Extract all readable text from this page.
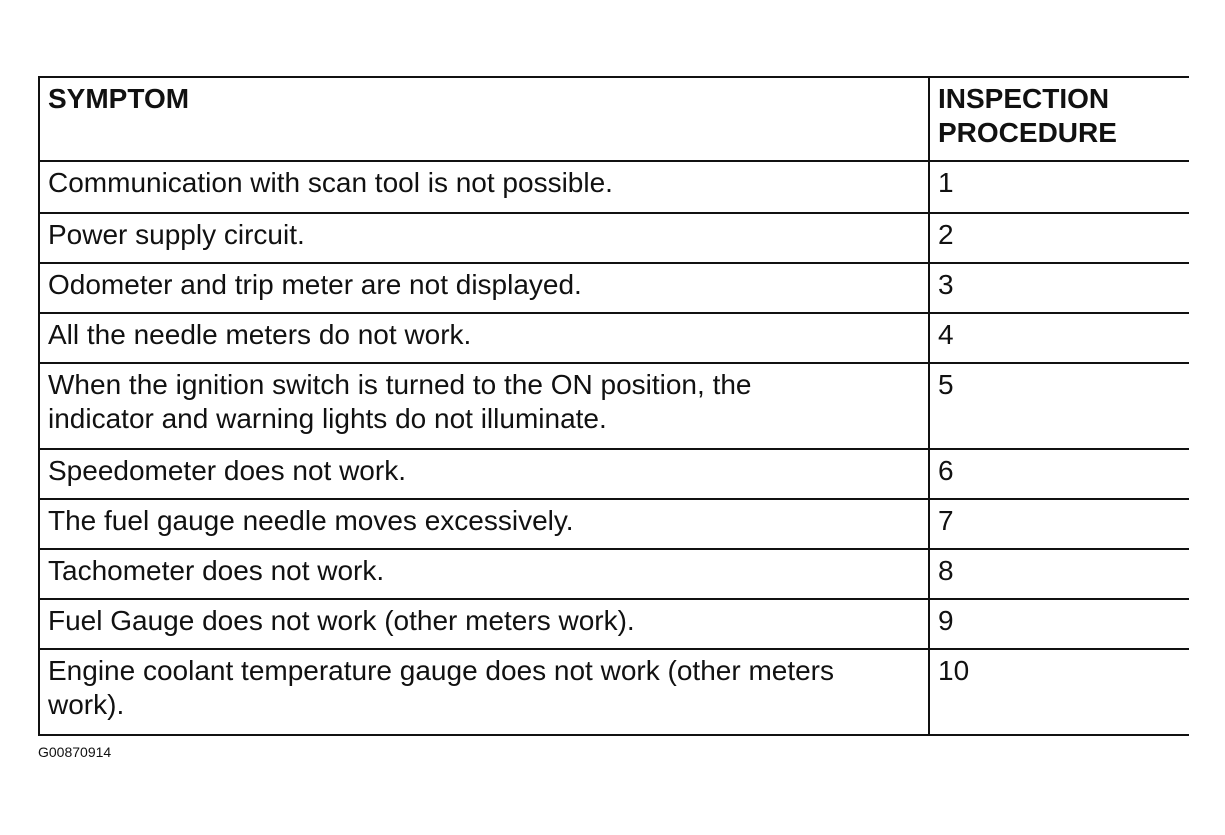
SYMPTOM	INSPECTION
PROCEDURE
Communication with scan tool is not possible.	1
Power supply circuit.	2
Odometer and trip meter are not displayed.	3
All the needle meters do not work.	4
When the ignition switch is turned to the ON position, the
indicator and warning lights do not illuminate.	5
Speedometer does not work.	6
The fuel gauge needle moves excessively.	7
Tachometer does not work.	8
Fuel Gauge does not work (other meters work).	9
Engine coolant temperature gauge does not work (other meters
work).	10
G00870914
